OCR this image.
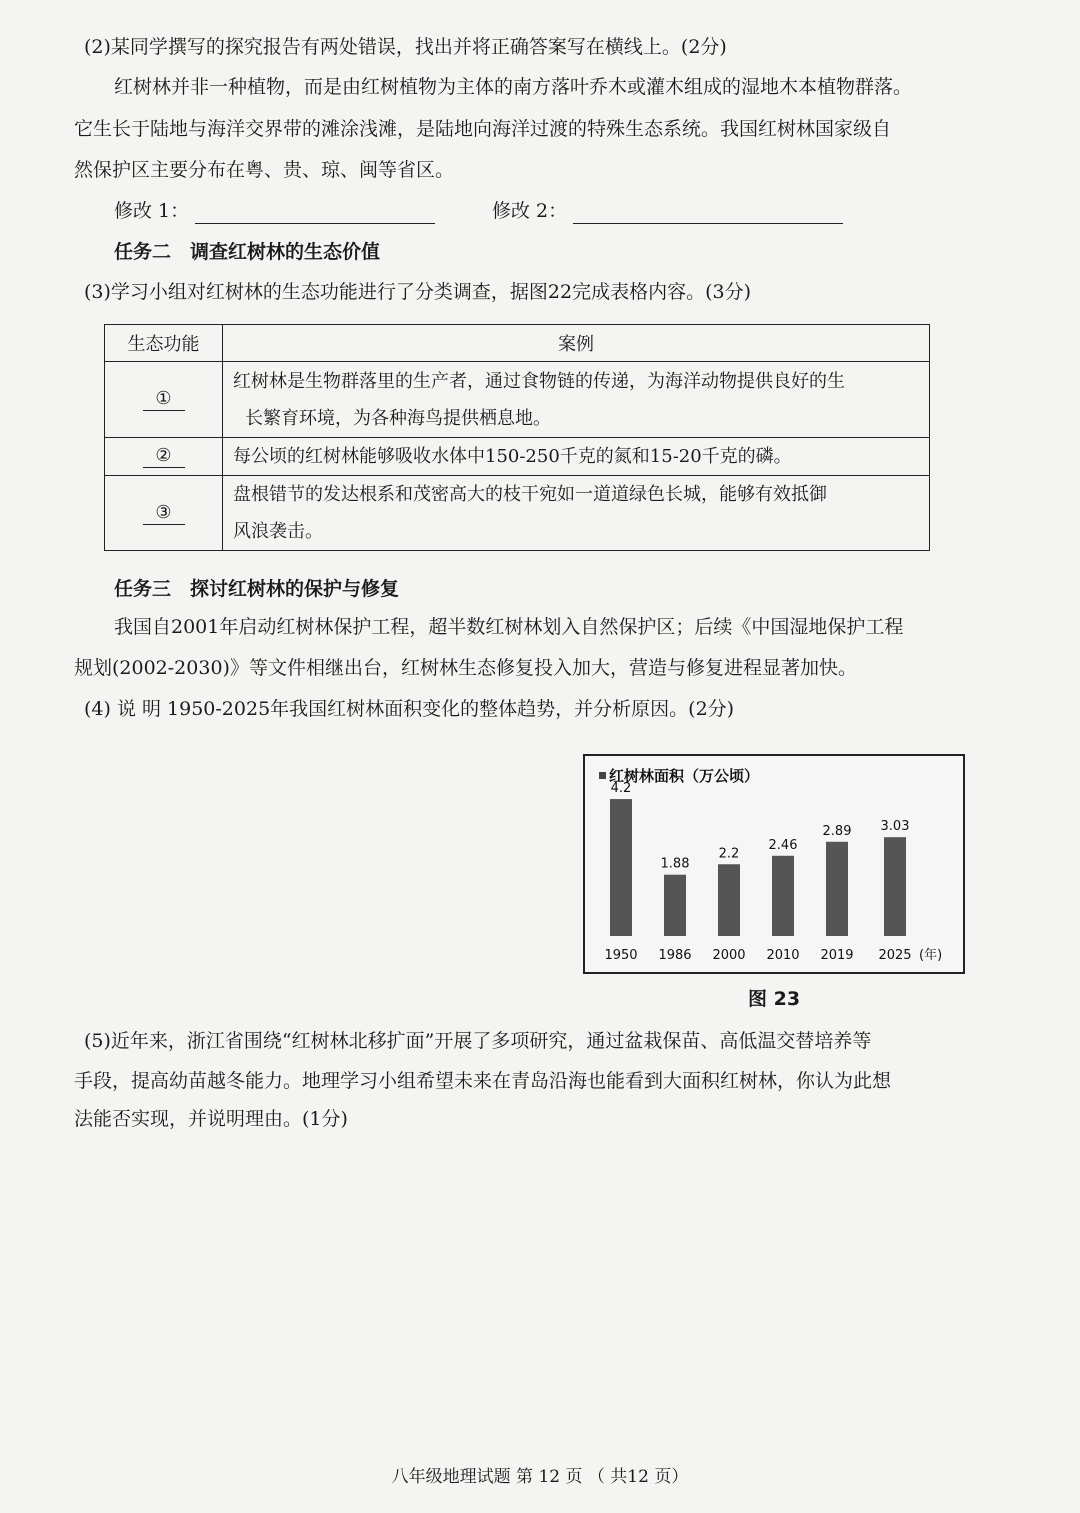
(2)某同学撰写的探究报告有两处错误，找出并将正确答案写在横线上。(2分)
红树林并非一种植物，而是由红树植物为主体的南方落叶乔木或灌木组成的湿地木本植物群落。
它生长于陆地与海洋交界带的滩涂浅滩，是陆地向海洋过渡的特殊生态系统。我国红树林国家级自
然保护区主要分布在粤、贵、琼、闽等省区。
修改 1：	修改 2：
任务二　调查红树林的生态价值
(3)学习小组对红树林的生态功能进行了分类调查，据图22完成表格内容。(3分)
生态功能	案例
①	红树林是生物群落里的生产者，通过食物链的传递，为海洋动物提供良好的生
长繁育环境，为各种海鸟提供栖息地。

②	每公顷的红树林能够吸收水体中150-250千克的氮和15-20千克的磷。

③	盘根错节的发达根系和茂密高大的枝干宛如一道道绿色长城，能够有效抵御
风浪袭击。
任务三　探讨红树林的保护与修复
我国自2001年启动红树林保护工程，超半数红树林划入自然保护区；后续《中国湿地保护工程
规划(2002-2030)》等文件相继出台，红树林生态修复投入加大，营造与修复进程显著加快。
(4) 说 明 1950-2025年我国红树林面积变化的整体趋势，并分析原因。(2分)
红树林面积（万公顷）
4.2
1950
1.88
1986
2.2
2000
2.46
2010
2.89
2019
3.03
2025 (年)
图 23
(5)近年来，浙江省围绕“红树林北移扩面”开展了多项研究，通过盆栽保苗、高低温交替培养等
手段，提高幼苗越冬能力。地理学习小组希望未来在青岛沿海也能看到大面积红树林，你认为此想
法能否实现，并说明理由。(1分)
八年级地理试题 第 12 页 （ 共12 页）
